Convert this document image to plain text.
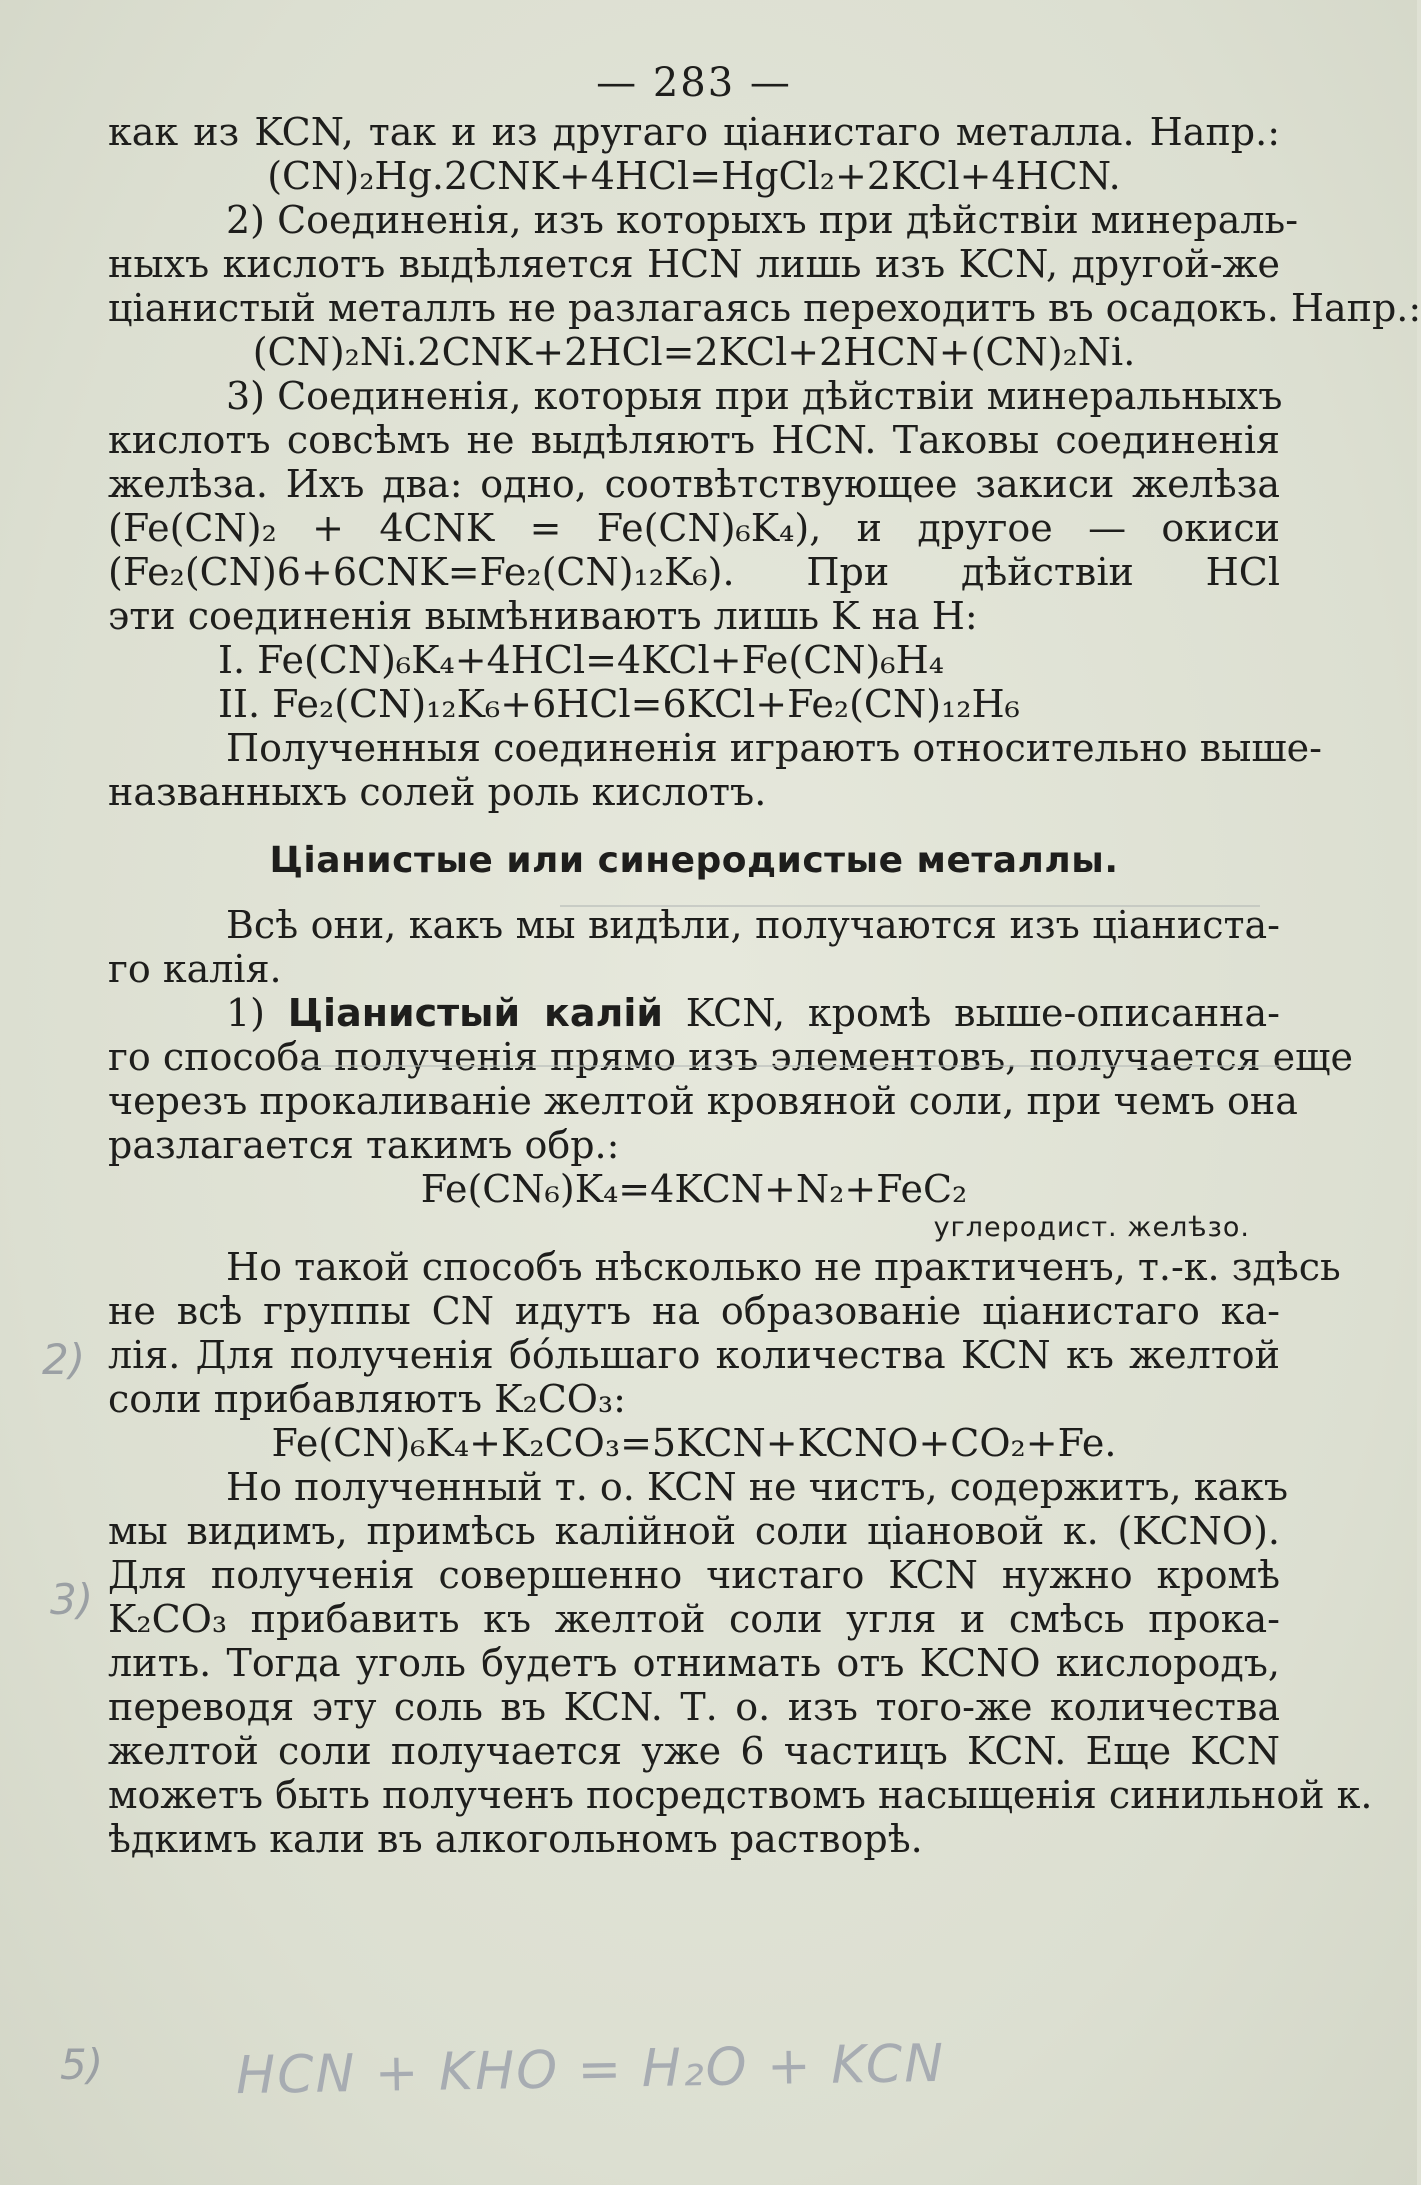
— 283 —

как из KCN, так и из другаго ціанистаго металла. Напр.:

(CN)₂Hg.2CNK+4HCl=HgCl₂+2KCl+4HCN.

2) Соединенія, изъ которыхъ при дѣйствіи минераль-

ныхъ кислотъ выдѣляется HCN лишь изъ KCN, другой-же

ціанистый металлъ не разлагаясь переходитъ въ осадокъ. Напр.:

(CN)₂Ni.2CNK+2HCl=2KCl+2HCN+(CN)₂Ni.

3) Соединенія, которыя при дѣйствіи минеральныхъ

кислотъ совсѣмъ не выдѣляютъ HCN. Таковы соединенія

желѣза. Ихъ два: одно, соотвѣтствующее закиси желѣза

(Fe(CN)₂ + 4CNK = Fe(CN)₆K₄), и другое — окиси

(Fe₂(CN)6+6CNK=Fe₂(CN)₁₂K₆). При дѣйствіи HCl

эти соединенія вымѣниваютъ лишь K на H:

I. Fe(CN)₆K₄+4HCl=4KCl+Fe(CN)₆H₄

II. Fe₂(CN)₁₂K₆+6HCl=6KCl+Fe₂(CN)₁₂H₆

Полученныя соединенія играютъ относительно выше-

названныхъ солей роль кислотъ.

Ціанистые или синеродистые металлы.

Всѣ они, какъ мы видѣли, получаются изъ ціаниста-

го калія.

1) Ціанистый калій KCN, кромѣ выше-описанна-

го способа полученія прямо изъ элементовъ, получается еще

черезъ прокаливаніе желтой кровяной соли, при чемъ она

разлагается такимъ обр.:

Fe(CN₆)K₄=4KCN+N₂+FeC₂

углеродист. желѣзо.

Но такой способъ нѣсколько не практиченъ, т.-к. здѣсь

не всѣ группы CN идутъ на образованіе ціанистаго ка-

лія. Для полученія бóльшаго количества KCN къ желтой

соли прибавляютъ K₂CO₃:

Fe(CN)₆K₄+K₂CO₃=5KCN+KCNO+CO₂+Fe.

Но полученный т. о. KCN не чистъ, содержитъ, какъ

мы видимъ, примѣсь калійной соли ціановой к. (KCNO).

Для полученія совершенно чистаго KCN нужно кромѣ

K₂CO₃ прибавить къ желтой соли угля и смѣсь прока-

лить. Тогда уголь будетъ отнимать отъ KCNO кислородъ,

переводя эту соль въ KCN. Т. о. изъ того-же количества

желтой соли получается уже 6 частицъ KCN. Еще KCN

можетъ быть полученъ посредствомъ насыщенія синильной к.

ѣдкимъ кали въ алкогольномъ растворѣ.

2)
3)
5)	HCN + KHO = H₂O + KCN
